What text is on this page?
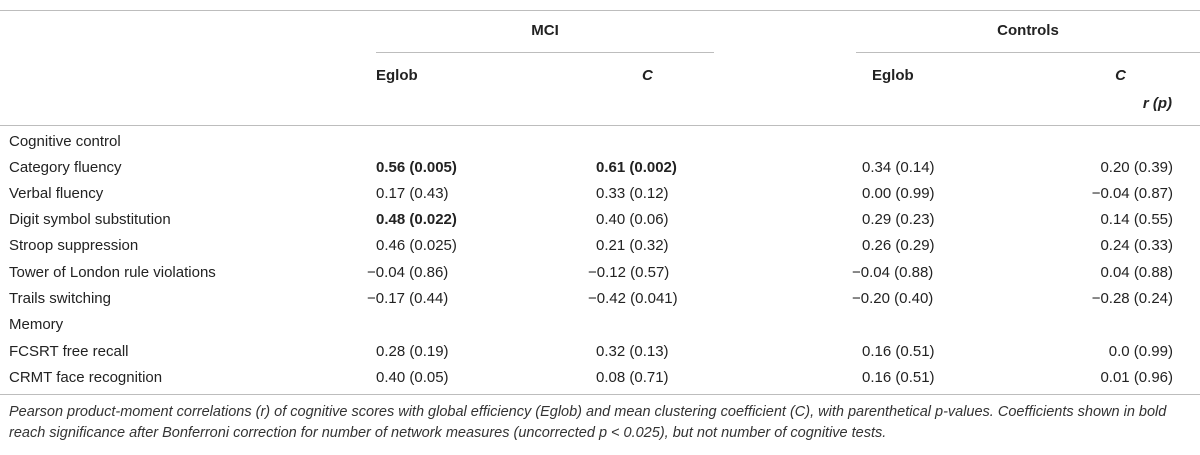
MCI	Controls
Eglob	C	Eglob	C
r (p)
Cognitive control
Category fluency	0.56 (0.005)	0.61 (0.002)	0.34 (0.14)	0.20 (0.39)
Verbal fluency	0.17 (0.43)	0.33 (0.12)	0.00 (0.99)	−0.04 (0.87)
Digit symbol substitution	0.48 (0.022)	0.40 (0.06)	0.29 (0.23)	0.14 (0.55)
Stroop suppression	0.46 (0.025)	0.21 (0.32)	0.26 (0.29)	0.24 (0.33)
Tower of London rule violations	−0.04 (0.86)	−0.12 (0.57)	−0.04 (0.88)	0.04 (0.88)
Trails switching	−0.17 (0.44)	−0.42 (0.041)	−0.20 (0.40)	−0.28 (0.24)
Memory
FCSRT free recall	0.28 (0.19)	0.32 (0.13)	0.16 (0.51)	0.0 (0.99)
CRMT face recognition	0.40 (0.05)	0.08 (0.71)	0.16 (0.51)	0.01 (0.96)
Pearson product-moment correlations (r) of cognitive scores with global efficiency (Eglob) and mean clustering coefficient (C), with parenthetical p-values. Coefficients shown in bold reach significance after Bonferroni correction for number of network measures (uncorrected p < 0.025), but not number of cognitive tests.
